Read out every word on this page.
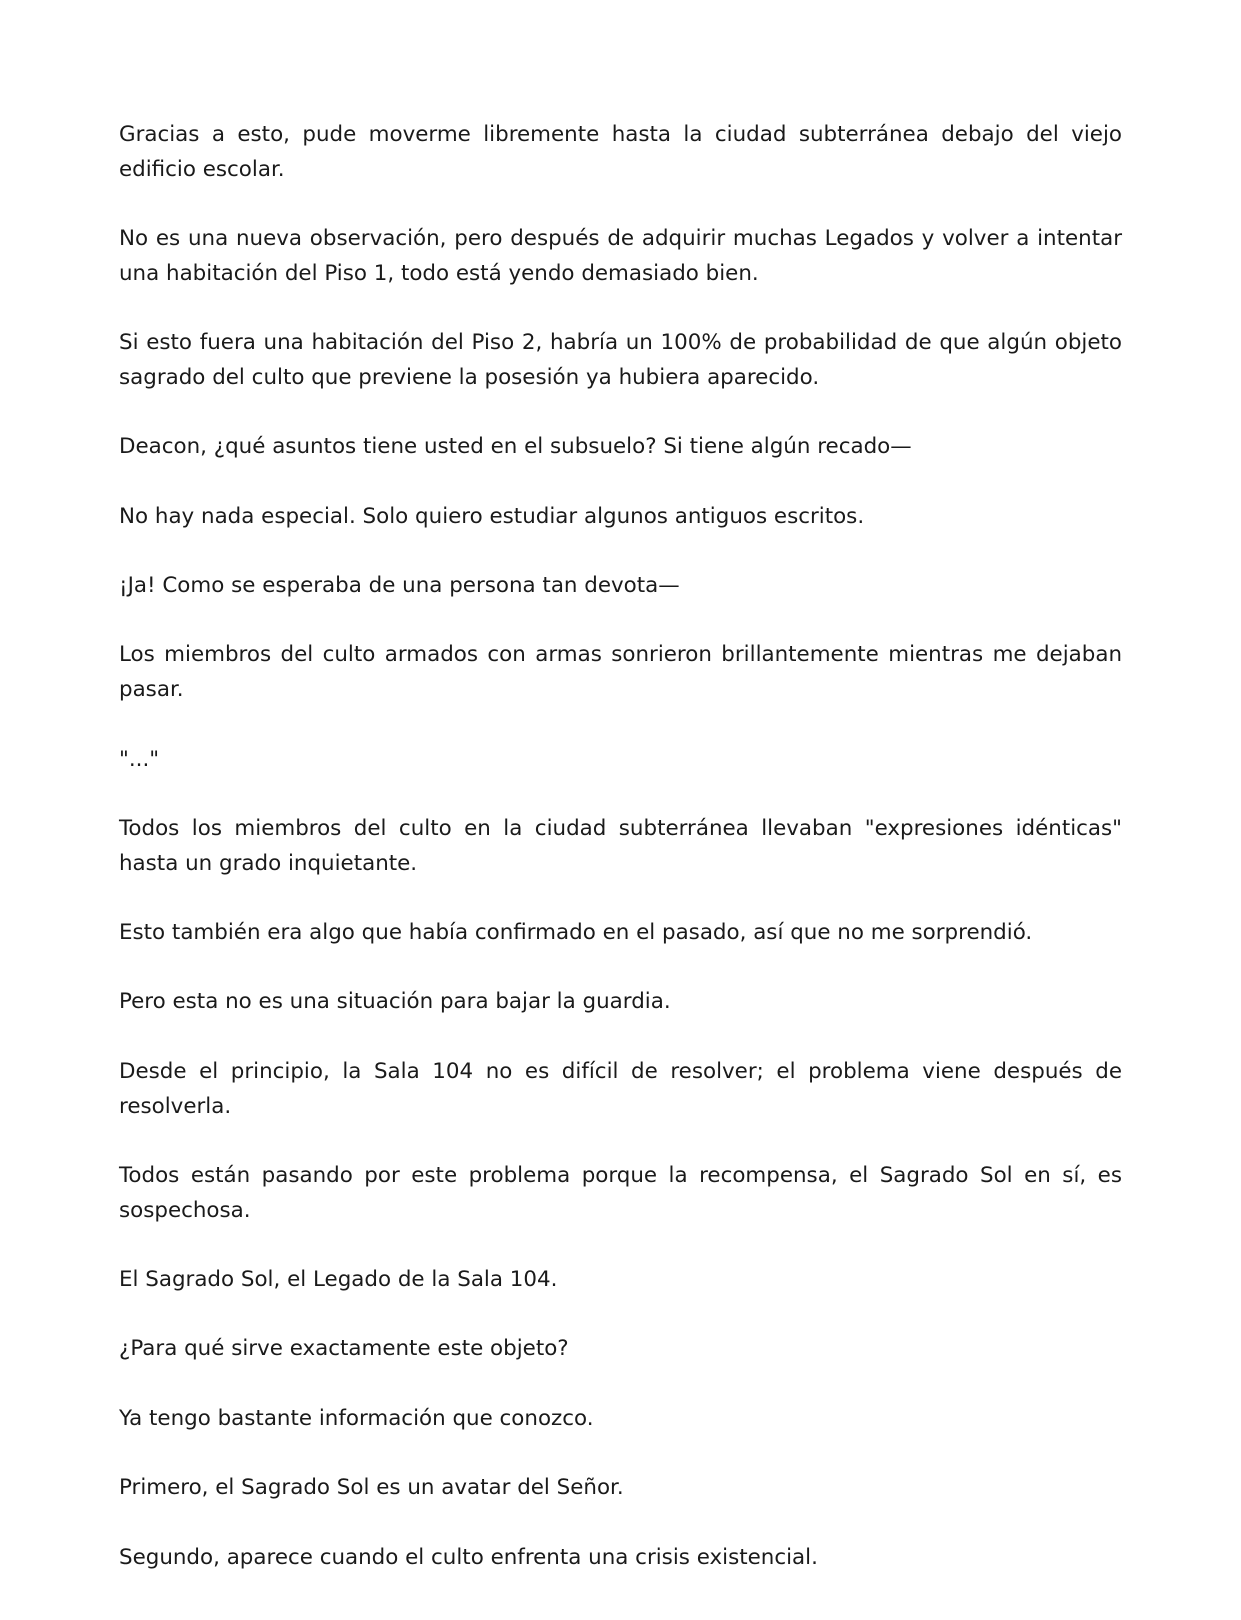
Gracias a esto, pude moverme libremente hasta la ciudad subterránea debajo del viejo edificio escolar.

No es una nueva observación, pero después de adquirir muchas Legados y volver a intentar una habitación del Piso 1, todo está yendo demasiado bien.

Si esto fuera una habitación del Piso 2, habría un 100% de probabilidad de que algún objeto sagrado del culto que previene la posesión ya hubiera aparecido.

Deacon, ¿qué asuntos tiene usted en el subsuelo? Si tiene algún recado—

No hay nada especial. Solo quiero estudiar algunos antiguos escritos.

¡Ja! Como se esperaba de una persona tan devota—

Los miembros del culto armados con armas sonrieron brillantemente mientras me dejaban pasar.

"..."

Todos los miembros del culto en la ciudad subterránea llevaban "expresiones idénticas" hasta un grado inquietante.

Esto también era algo que había confirmado en el pasado, así que no me sorprendió.

Pero esta no es una situación para bajar la guardia.

Desde el principio, la Sala 104 no es difícil de resolver; el problema viene después de resolverla.

Todos están pasando por este problema porque la recompensa, el Sagrado Sol en sí, es sospechosa.

El Sagrado Sol, el Legado de la Sala 104.

¿Para qué sirve exactamente este objeto?

Ya tengo bastante información que conozco.

Primero, el Sagrado Sol es un avatar del Señor.

Segundo, aparece cuando el culto enfrenta una crisis existencial.
